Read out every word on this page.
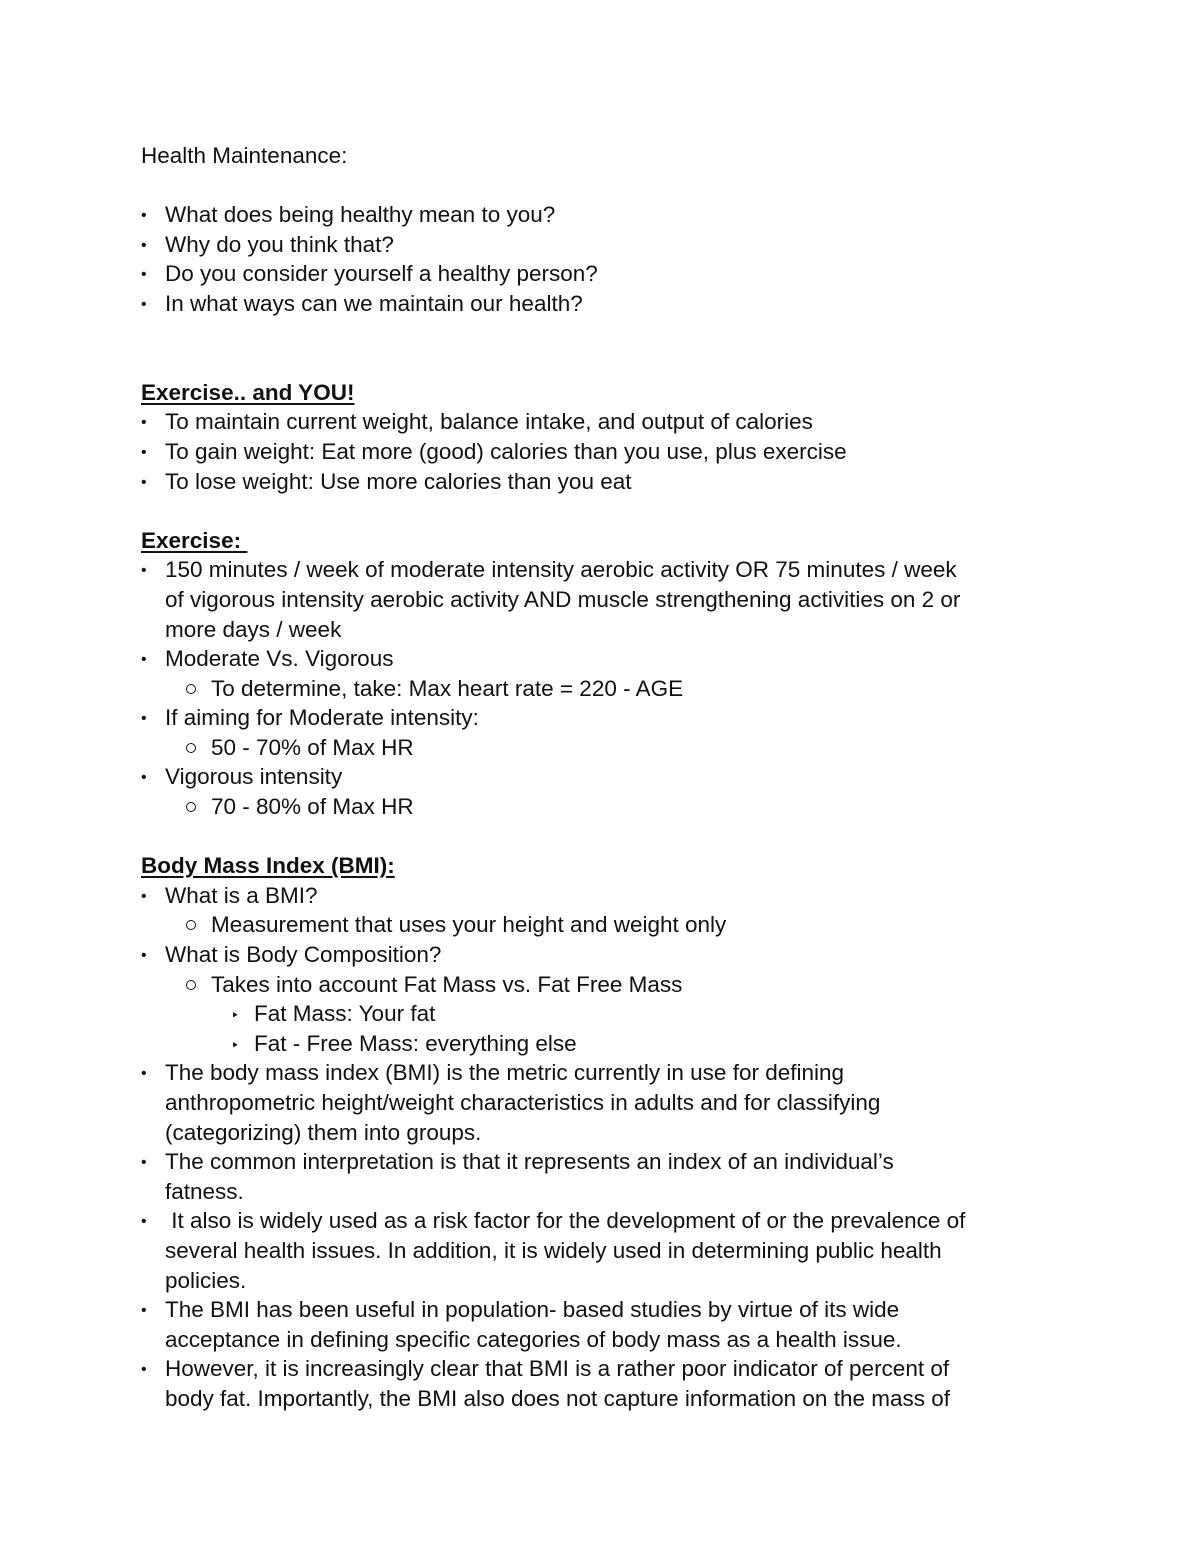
Health Maintenance:
• What does being healthy mean to you?
• Why do you think that?
• Do you consider yourself a healthy person?
• In what ways can we maintain our health?
Exercise.. and YOU!
• To maintain current weight, balance intake, and output of calories
• To gain weight: Eat more (good) calories than you use, plus exercise
• To lose weight: Use more calories than you eat
Exercise:
• 150 minutes / week of moderate intensity aerobic activity OR 75 minutes / week
of vigorous intensity aerobic activity AND muscle strengthening activities on 2 or
more days / week
• Moderate Vs. Vigorous
To determine, take: Max heart rate = 220 - AGE
• If aiming for Moderate intensity:
50 - 70% of Max HR
• Vigorous intensity
70 - 80% of Max HR
Body Mass Index (BMI):
• What is a BMI?
Measurement that uses your height and weight only
• What is Body Composition?
Takes into account Fat Mass vs. Fat Free Mass
‣ Fat Mass: Your fat
‣ Fat - Free Mass: everything else
• The body mass index (BMI) is the metric currently in use for defining
anthropometric height/weight characteristics in adults and for classifying
(categorizing) them into groups.
• The common interpretation is that it represents an index of an individual’s
fatness.
• It also is widely used as a risk factor for the development of or the prevalence of
several health issues. In addition, it is widely used in determining public health
policies.
• The BMI has been useful in population- based studies by virtue of its wide
acceptance in defining specific categories of body mass as a health issue.
• However, it is increasingly clear that BMI is a rather poor indicator of percent of
body fat. Importantly, the BMI also does not capture information on the mass of
